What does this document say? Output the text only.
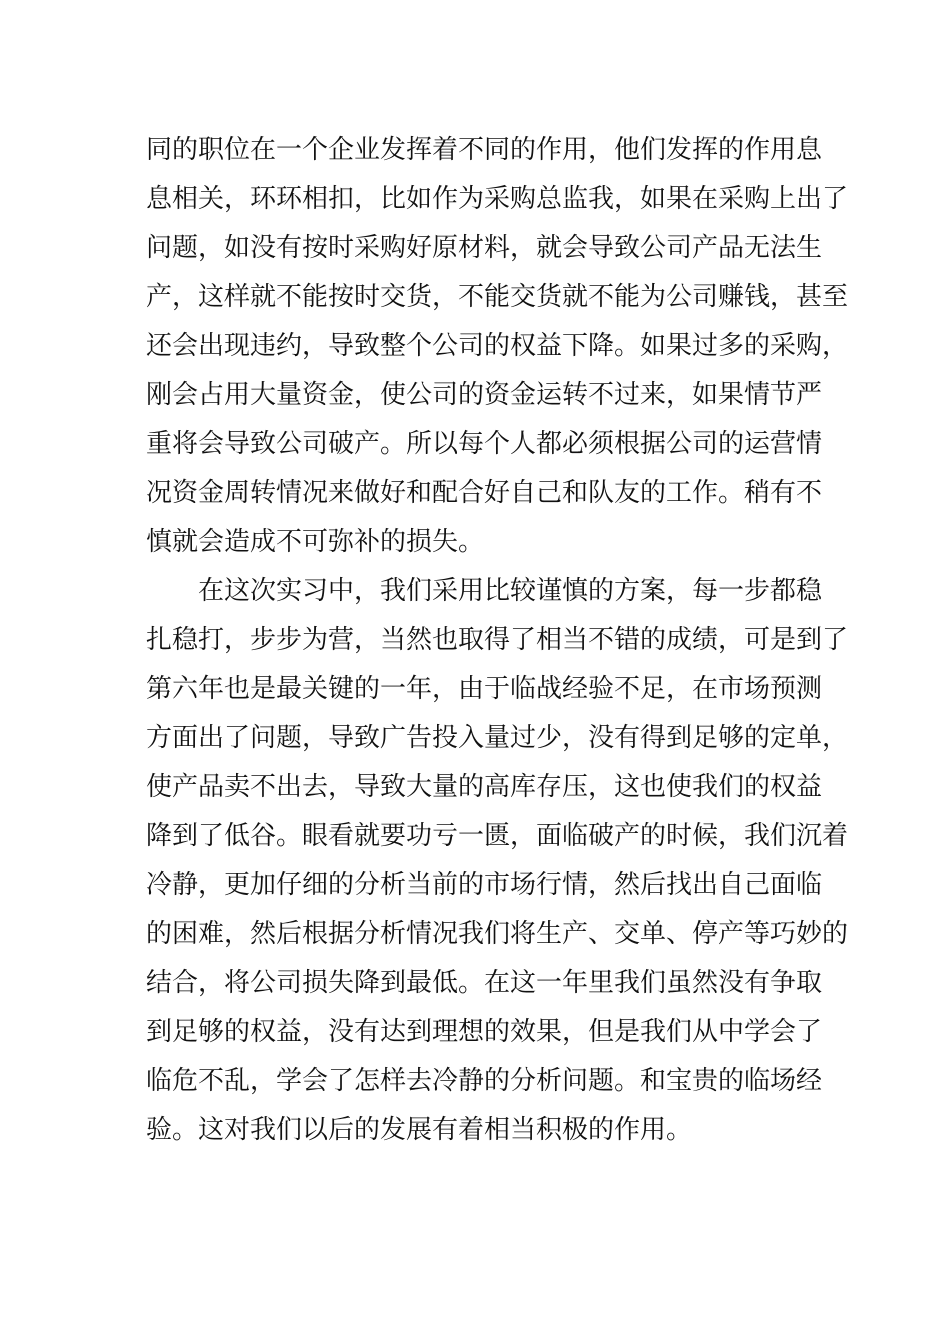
同的职位在一个企业发挥着不同的作用，他们发挥的作用息
息相关，环环相扣，比如作为采购总监我，如果在采购上出了
问题，如没有按时采购好原材料，就会导致公司产品无法生
产，这样就不能按时交货，不能交货就不能为公司赚钱，甚至
还会出现违约，导致整个公司的权益下降。如果过多的采购，
刚会占用大量资金，使公司的资金运转不过来，如果情节严
重将会导致公司破产。所以每个人都必须根据公司的运营情
况资金周转情况来做好和配合好自己和队友的工作。稍有不
慎就会造成不可弥补的损失。
在这次实习中，我们采用比较谨慎的方案，每一步都稳
扎稳打，步步为营，当然也取得了相当不错的成绩，可是到了
第六年也是最关键的一年，由于临战经验不足，在市场预测
方面出了问题，导致广告投入量过少，没有得到足够的定单，
使产品卖不出去，导致大量的高库存压，这也使我们的权益
降到了低谷。眼看就要功亏一匮，面临破产的时候，我们沉着
冷静，更加仔细的分析当前的市场行情，然后找出自己面临
的困难，然后根据分析情况我们将生产、交单、停产等巧妙的
结合，将公司损失降到最低。在这一年里我们虽然没有争取
到足够的权益，没有达到理想的效果，但是我们从中学会了
临危不乱，学会了怎样去冷静的分析问题。和宝贵的临场经
验。这对我们以后的发展有着相当积极的作用。
